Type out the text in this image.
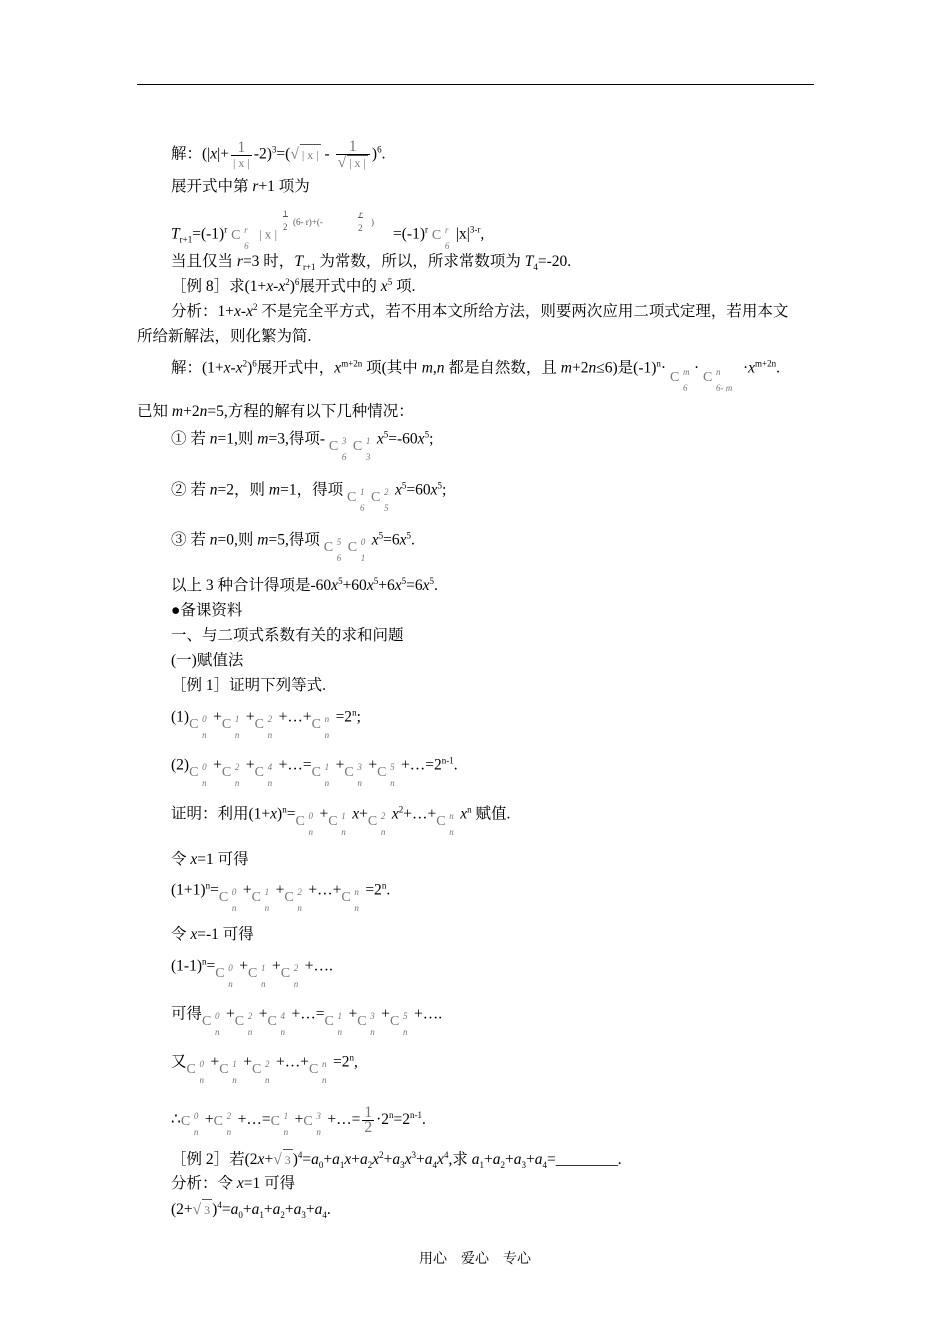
解：$(|x|+ \frac{1}{| x |} -2)^3=(√$ | x | - $\frac{1}{√ | x |} )^6$.
展开式中第 r+1 项为
$T_{r+1}=(-1)^r$ C r
6
| x |
1
2 (6- r)+(-
r
2
)
$=(-1)^r$ C r
6
$|x|^{3-r}$,
当且仅当 r=3 时，$T_{r+1}$ 为常数，所以，所求常数项为 $T_4=-20$.
［例 8］求$(1+x-x^2)^6$展开式中的 $x^5$ 项.
分析：$1+x-x^2$ 不是完全平方式，若不用本文所给方法，则要两次应用二项式定理，若用本文
所给新解法，则化繁为简.
解：$(1+x-x^2)^6$展开式中，$x^{m+2n}$ 项(其中 m,n 都是自然数，且 m+2n≤6)是$(-1)^n\cdot$
C m
6
·
C n
6- m
$\cdot x^{m+2n}$.
已知 m+2n=5,方程的解有以下几种情况：
① 若 n=1,则 m=3,得项- C 3
6
C 1
3
$x^5=-60x^5$;
② 若 n=2，则 m=1，得项 C 1
6
C 2
5
$x^5=60x^5$;
③ 若 n=0,则 m=5,得项 C 5
6
C 0
1
$x^5=6x^5$.
以上 3 种合计得项是$-60x^5+60x^5+6x^5=6x^5$.
●备课资料
一、与二项式系数有关的求和问题
(一)赋值法
［例 1］证明下列等式.
(1) C 0
n
+ C 1
n
+ C 2
n
+…+ C n
n
$=2^n$;
(2) C 0
n
+ C 2
n
+ C 4
n
+…= C 1
n
+ C 3
n
+ C 5
n
$+\dots=2^{n-1}$.
证明：利用$(1+x)^n= C$ 0
n
+ C 1
n
x+ C 2
n
$x^2+\dots+ C$ n
n
$x^n$ 赋值.
令 x=1 可得
$(1+1)^n= C$ 0
n
+ C 1
n
+ C 2
n
+…+ C n
n
$=2^n$.
令 x=-1 可得
$(1-1)^n= C$ 0
n
+ C 1
n
+ C 2
n
+….
可得 C 0
n
+ C 2
n
+ C 4
n
+…= C 1
n
+ C 3
n
+ C 5
n
+….
又 C 0
n
+ C 1
n
+ C 2
n
+…+ C n
n
$=2^n$,
∴ C 0
n
+ C 2
n
+…= C 1
n
+ C 3
n
+…= $\frac{1}{2} \cdot 2^n=2^{n-1}$.
［例 2］若(2x+√ 3 )$^4=a_0+a_1x+a_2x^2+a_3x^3+a_4x^4$,求 $a_1+a_2+a_3+a_4=\_\_\_\_\_\_\_\_$.
分析：令 x=1 可得
(2+√ 3 )$^4=a_0+a_1+a_2+a_3+a_4$.
用心　爱心　专心
